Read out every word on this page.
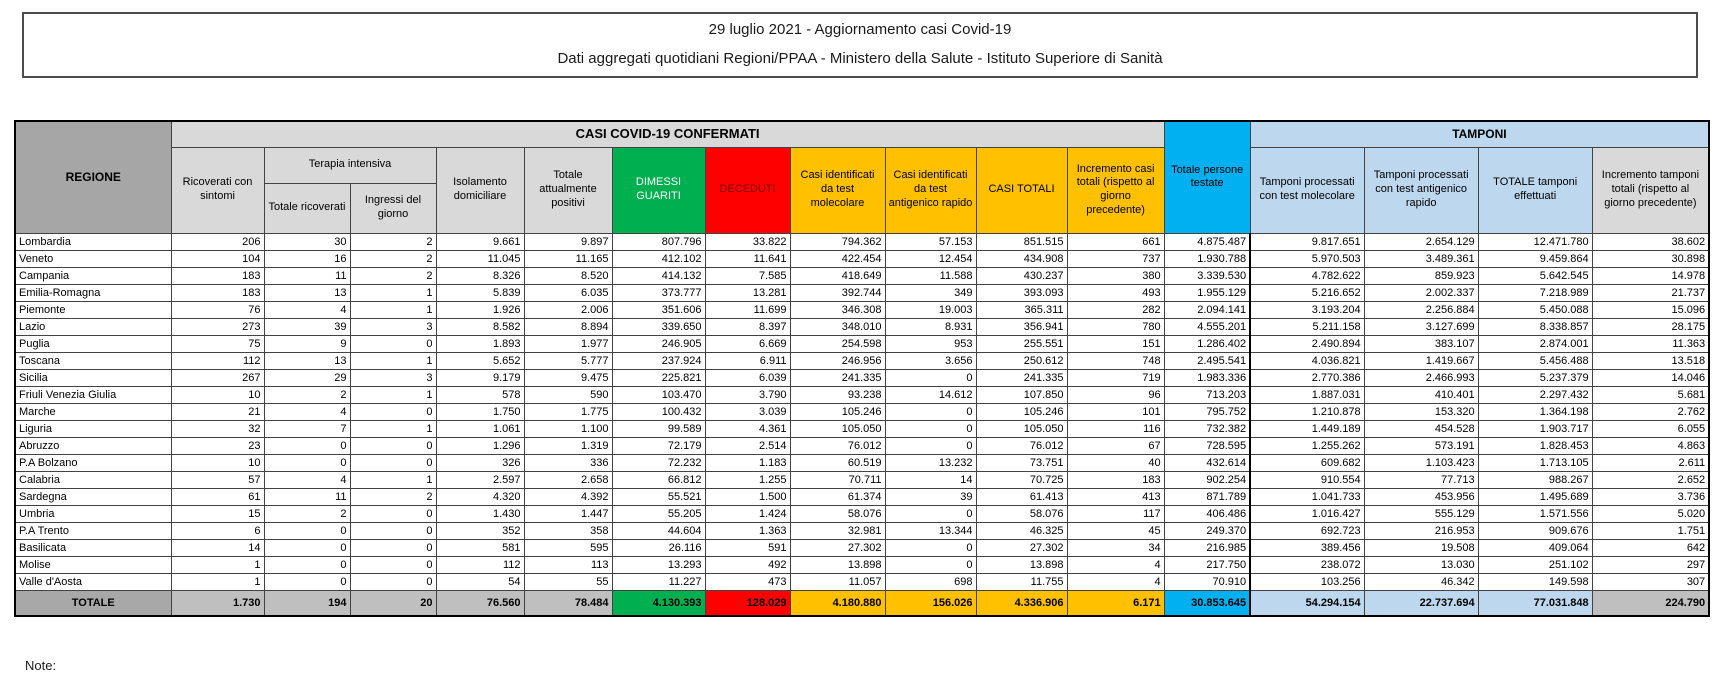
29 luglio 2021 - Aggiornamento casi Covid-19
Dati aggregati quotidiani Regioni/PPAA - Ministero della Salute - Istituto Superiore di Sanità
REGIONE	CASI COVID-19 CONFERMATI											Totale persone testate	TAMPONI			
	Ricoverati con sintomi	Terapia intensiva		Isolamento domiciliare	Totale attualmente positivi	DIMESSI GUARITI	DECEDUTI	Casi identificati da test molecolare	Casi identificati da test antigenico rapido	CASI TOTALI	Incremento casi totali (rispetto al giorno precedente)		Tamponi processati con test molecolare	Tamponi processati con test antigenico rapido	TOTALE tamponi effettuati	Incremento tamponi totali (rispetto al giorno precedente)
		Totale ricoverati	Ingressi del giorno													
Lombardia	206	30	2	9.661	9.897	807.796	33.822	794.362	57.153	851.515	661	4.875.487	9.817.651	2.654.129	12.471.780	38.602
Veneto	104	16	2	11.045	11.165	412.102	11.641	422.454	12.454	434.908	737	1.930.788	5.970.503	3.489.361	9.459.864	30.898
Campania	183	11	2	8.326	8.520	414.132	7.585	418.649	11.588	430.237	380	3.339.530	4.782.622	859.923	5.642.545	14.978
Emilia-Romagna	183	13	1	5.839	6.035	373.777	13.281	392.744	349	393.093	493	1.955.129	5.216.652	2.002.337	7.218.989	21.737
Piemonte	76	4	1	1.926	2.006	351.606	11.699	346.308	19.003	365.311	282	2.094.141	3.193.204	2.256.884	5.450.088	15.096
Lazio	273	39	3	8.582	8.894	339.650	8.397	348.010	8.931	356.941	780	4.555.201	5.211.158	3.127.699	8.338.857	28.175
Puglia	75	9	0	1.893	1.977	246.905	6.669	254.598	953	255.551	151	1.286.402	2.490.894	383.107	2.874.001	11.363
Toscana	112	13	1	5.652	5.777	237.924	6.911	246.956	3.656	250.612	748	2.495.541	4.036.821	1.419.667	5.456.488	13.518
Sicilia	267	29	3	9.179	9.475	225.821	6.039	241.335	0	241.335	719	1.983.336	2.770.386	2.466.993	5.237.379	14.046
Friuli Venezia Giulia	10	2	1	578	590	103.470	3.790	93.238	14.612	107.850	96	713.203	1.887.031	410.401	2.297.432	5.681
Marche	21	4	0	1.750	1.775	100.432	3.039	105.246	0	105.246	101	795.752	1.210.878	153.320	1.364.198	2.762
Liguria	32	7	1	1.061	1.100	99.589	4.361	105.050	0	105.050	116	732.382	1.449.189	454.528	1.903.717	6.055
Abruzzo	23	0	0	1.296	1.319	72.179	2.514	76.012	0	76.012	67	728.595	1.255.262	573.191	1.828.453	4.863
P.A Bolzano	10	0	0	326	336	72.232	1.183	60.519	13.232	73.751	40	432.614	609.682	1.103.423	1.713.105	2.611
Calabria	57	4	1	2.597	2.658	66.812	1.255	70.711	14	70.725	183	902.254	910.554	77.713	988.267	2.652
Sardegna	61	11	2	4.320	4.392	55.521	1.500	61.374	39	61.413	413	871.789	1.041.733	453.956	1.495.689	3.736
Umbria	15	2	0	1.430	1.447	55.205	1.424	58.076	0	58.076	117	406.486	1.016.427	555.129	1.571.556	5.020
P.A Trento	6	0	0	352	358	44.604	1.363	32.981	13.344	46.325	45	249.370	692.723	216.953	909.676	1.751
Basilicata	14	0	0	581	595	26.116	591	27.302	0	27.302	34	216.985	389.456	19.508	409.064	642
Molise	1	0	0	112	113	13.293	492	13.898	0	13.898	4	217.750	238.072	13.030	251.102	297
Valle d'Aosta	1	0	0	54	55	11.227	473	11.057	698	11.755	4	70.910	103.256	46.342	149.598	307
TOTALE	1.730	194	20	76.560	78.484	4.130.393	128.029	4.180.880	156.026	4.336.906	6.171	30.853.645	54.294.154	22.737.694	77.031.848	224.790
Note:
